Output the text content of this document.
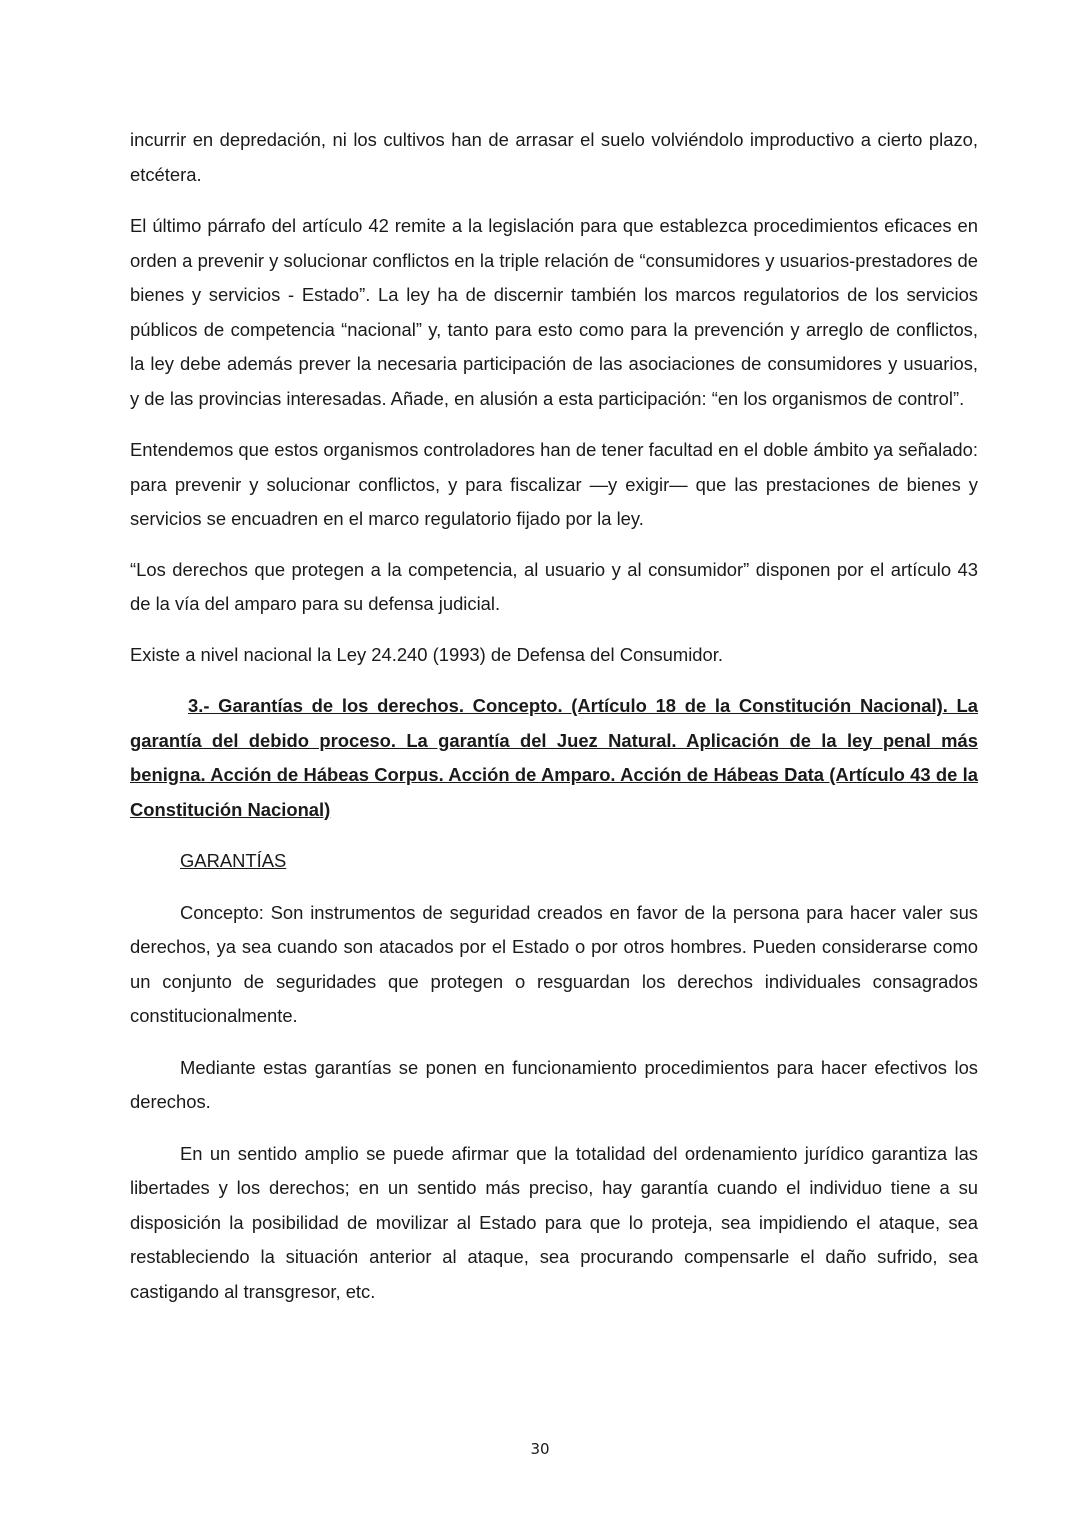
incurrir en depredación, ni los cultivos han de arrasar el suelo volviéndolo improductivo a cierto plazo, etcétera.

El último párrafo del artículo 42 remite a la legislación para que establezca procedimientos eficaces en orden a prevenir y solucionar conflictos en la triple relación de “consumidores y usuarios-prestadores de bienes y servicios - Estado”. La ley ha de discernir también los marcos regulatorios de los servicios públicos de competencia “nacional” y, tanto para esto como para la prevención y arreglo de conflictos, la ley debe además prever la necesaria participación de las asociaciones de consumidores y usuarios, y de las provincias interesadas. Añade, en alusión a esta participación: “en los organismos de control”.

Entendemos que estos organismos controladores han de tener facultad en el doble ámbito ya señalado: para prevenir y solucionar conflictos, y para fiscalizar —y exigir— que las prestaciones de bienes y servicios se encuadren en el marco regulatorio fijado por la ley.

“Los derechos que protegen a la competencia, al usuario y al consumidor” disponen por el artículo 43 de la vía del amparo para su defensa judicial.

Existe a nivel nacional la Ley 24.240 (1993) de Defensa del Consumidor.

3.- Garantías de los derechos. Concepto. (Artículo 18 de la Constitución Nacional). La garantía del debido proceso. La garantía del Juez Natural. Aplicación de la ley penal más benigna. Acción de Hábeas Corpus. Acción de Amparo. Acción de Hábeas Data (Artículo 43 de la Constitución Nacional)

GARANTÍAS

Concepto: Son instrumentos de seguridad creados en favor de la persona para hacer valer sus derechos, ya sea cuando son atacados por el Estado o por otros hombres. Pueden considerarse como un conjunto de seguridades que protegen o resguardan los derechos individuales consagrados constitucionalmente.

Mediante estas garantías se ponen en funcionamiento procedimientos para hacer efectivos los derechos.

En un sentido amplio se puede afirmar que la totalidad del ordenamiento jurídico garantiza las libertades y los derechos; en un sentido más preciso, hay garantía cuando el individuo tiene a su disposición la posibilidad de movilizar al Estado para que lo proteja, sea impidiendo el ataque, sea restableciendo la situación anterior al ataque, sea procurando compensarle el daño sufrido, sea castigando al transgresor, etc.

30
